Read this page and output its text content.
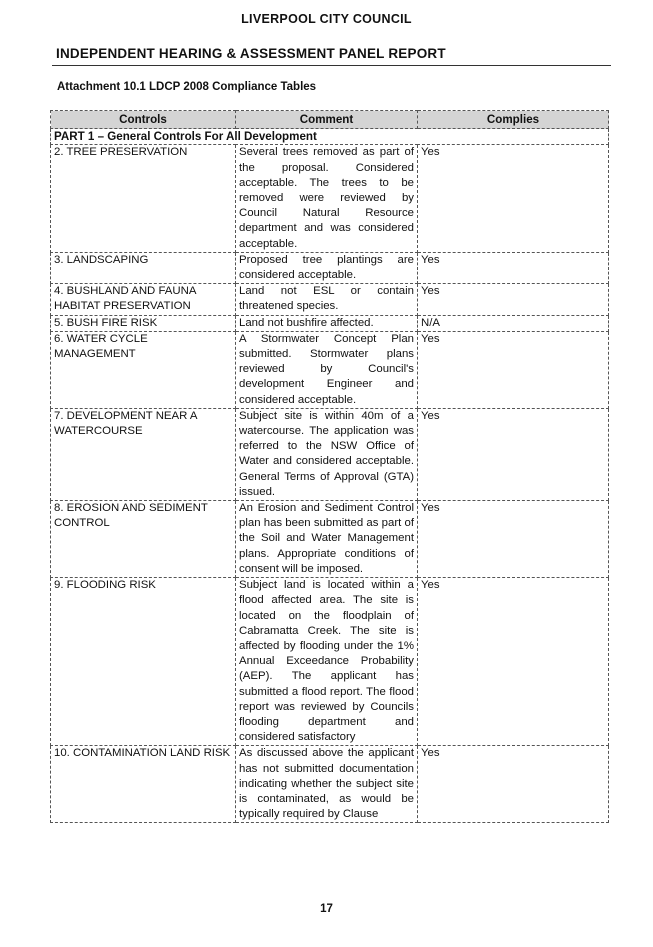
LIVERPOOL CITY COUNCIL
INDEPENDENT HEARING & ASSESSMENT PANEL REPORT
Attachment 10.1 LDCP 2008 Compliance Tables
Controls	Comment	Complies
PART 1 – General Controls For All Development		
2. TREE PRESERVATION	Several trees removed as part of the proposal. Considered acceptable. The trees to be removed were reviewed by Council Natural Resource department and was considered acceptable.	Yes
3. LANDSCAPING	Proposed tree plantings are considered acceptable.	Yes
4. BUSHLAND AND FAUNA HABITAT PRESERVATION	Land not ESL or contain threatened species.	Yes
5. BUSH FIRE RISK	Land not bushfire affected.	N/A
6. WATER CYCLE MANAGEMENT	A Stormwater Concept Plan submitted. Stormwater plans reviewed by Council's development Engineer and considered acceptable.	Yes
7. DEVELOPMENT NEAR A WATERCOURSE	Subject site is within 40m of a watercourse. The application was referred to the NSW Office of Water and considered acceptable. General Terms of Approval (GTA) issued.	Yes
8. EROSION AND SEDIMENT CONTROL	An Erosion and Sediment Control plan has been submitted as part of the Soil and Water Management plans. Appropriate conditions of consent will be imposed.	Yes
9. FLOODING RISK	Subject land is located within a flood affected area. The site is located on the floodplain of Cabramatta Creek. The site is affected by flooding under the 1% Annual Exceedance Probability (AEP). The applicant has submitted a flood report. The flood report was reviewed by Councils flooding department and considered satisfactory	Yes
10. CONTAMINATION LAND RISK	As discussed above the applicant has not submitted documentation indicating whether the subject site is contaminated, as would be typically required by Clause	Yes
17
